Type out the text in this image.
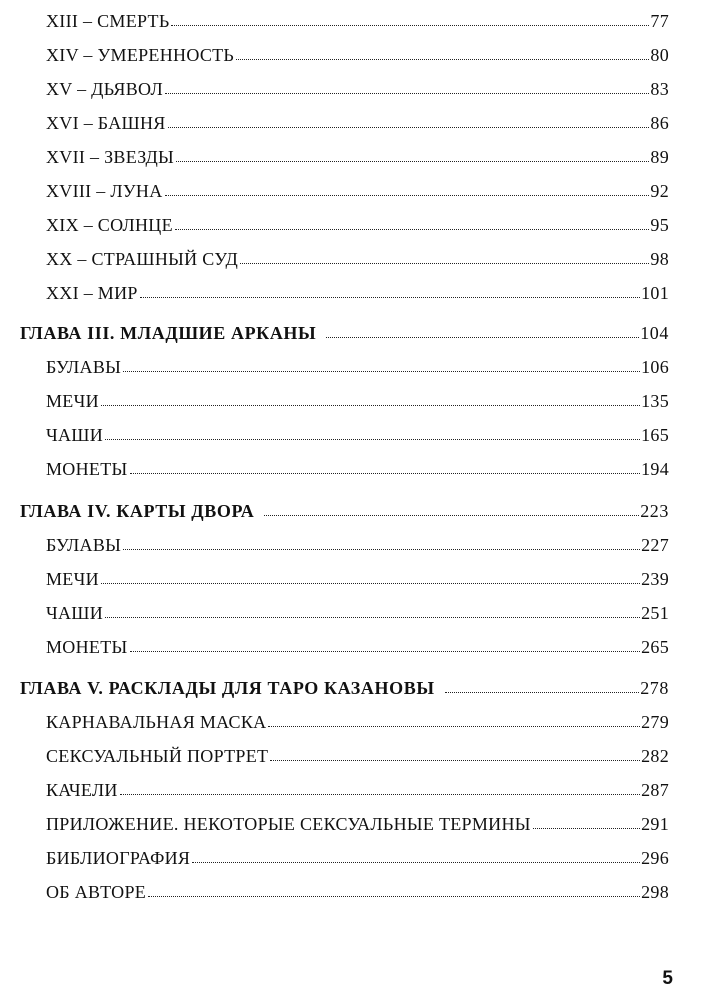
XIII – СМЕРТЬ	77
XIV – УМЕРЕННОСТЬ	80
XV – ДЬЯВОЛ	83
XVI – БАШНЯ	86
XVII – ЗВЕЗДЫ	89
XVIII – ЛУНА	92
XIX – СОЛНЦЕ	95
XX – СТРАШНЫЙ СУД	98
XXI – МИР	101
ГЛАВА III. МЛАДШИЕ АРКАНЫ	104
БУЛАВЫ	106
МЕЧИ	135
ЧАШИ	165
МОНЕТЫ	194
ГЛАВА IV. КАРТЫ ДВОРА	223
БУЛАВЫ	227
МЕЧИ	239
ЧАШИ	251
МОНЕТЫ	265
ГЛАВА V. РАСКЛАДЫ ДЛЯ ТАРО КАЗАНОВЫ	278
КАРНАВАЛЬНАЯ МАСКА	279
СЕКСУАЛЬНЫЙ ПОРТРЕТ	282
КАЧЕЛИ	287
ПРИЛОЖЕНИЕ. НЕКОТОРЫЕ СЕКСУАЛЬНЫЕ ТЕРМИНЫ	291
БИБЛИОГРАФИЯ	296
ОБ АВТОРЕ	298
5
